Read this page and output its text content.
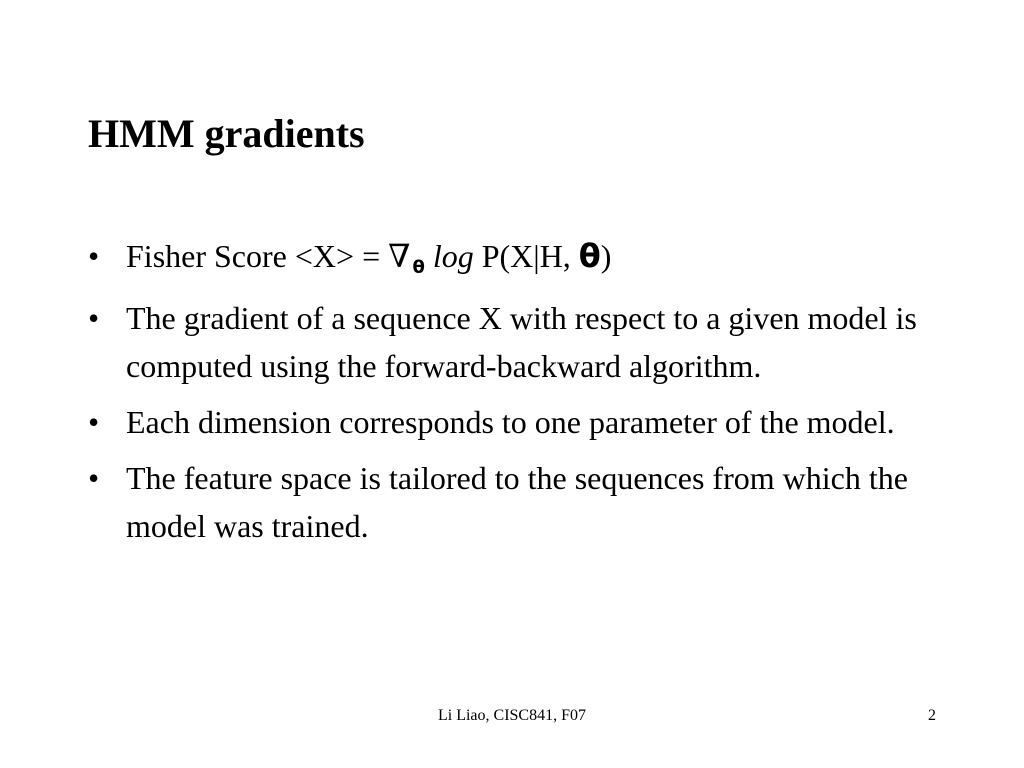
HMM gradients
• Fisher Score <X> = ∇ θ log P(X|H, θ)
• The gradient of a sequence X with respect to a given model is computed using the forward-backward algorithm.
• Each dimension corresponds to one parameter of the model.
• The feature space is tailored to the sequences from which the model was trained.
Li Liao, CISC841, F07	2
